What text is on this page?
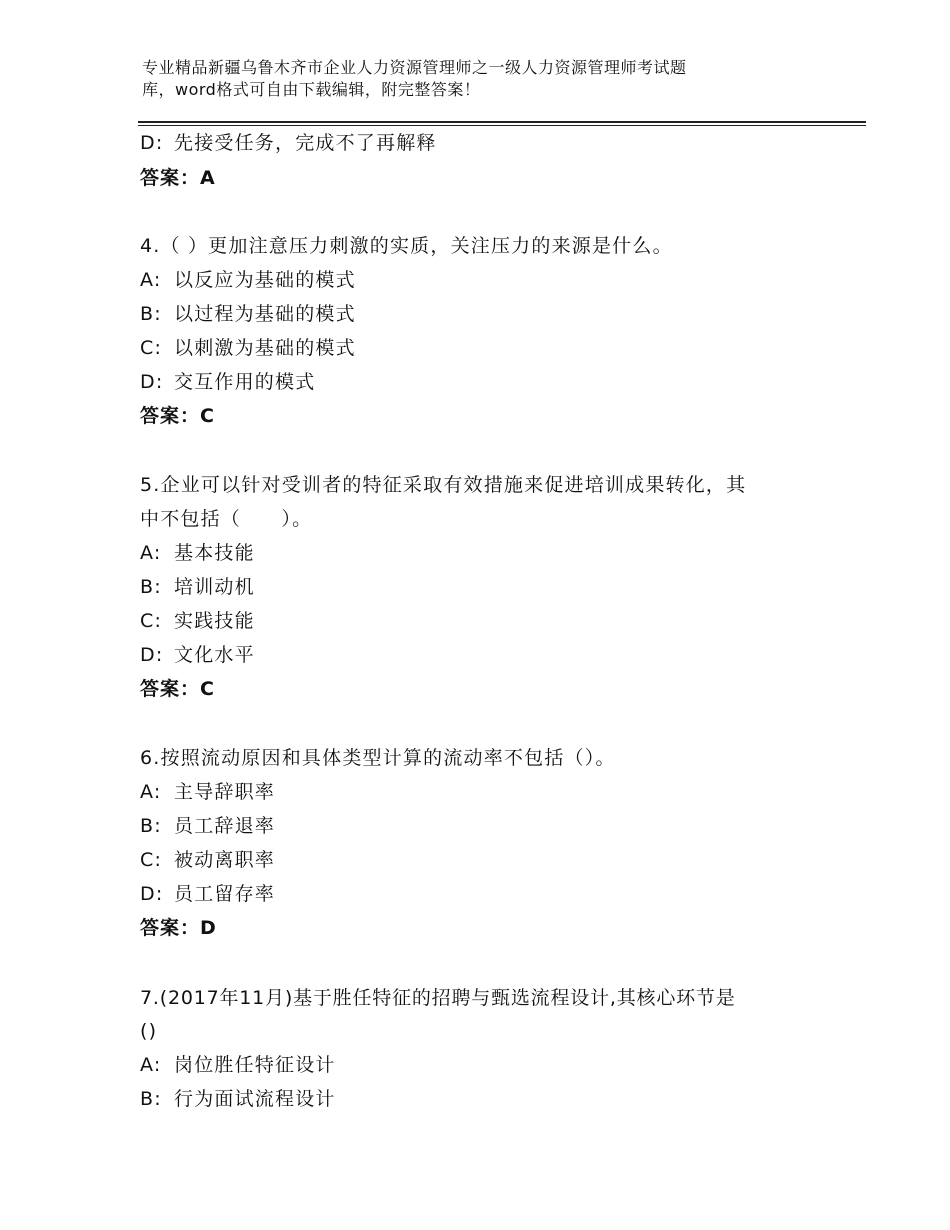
专业精品新疆乌鲁木齐市企业人力资源管理师之一级人力资源管理师考试题
库，word格式可自由下载编辑，附完整答案！
D: 先接受任务，完成不了再解释
答案：A
4.（ ）更加注意压力刺激的实质，关注压力的来源是什么。
A: 以反应为基础的模式
B: 以过程为基础的模式
C: 以刺激为基础的模式
D: 交互作用的模式
答案：C
5.企业可以针对受训者的特征采取有效措施来促进培训成果转化，其
中不包括（　　）。
A: 基本技能
B: 培训动机
C: 实践技能
D: 文化水平
答案：C
6.按照流动原因和具体类型计算的流动率不包括（）。
A: 主导辞职率
B: 员工辞退率
C: 被动离职率
D: 员工留存率
答案：D
7.(2017年11月)基于胜任特征的招聘与甄选流程设计,其核心环节是
()
A: 岗位胜任特征设计
B: 行为面试流程设计
